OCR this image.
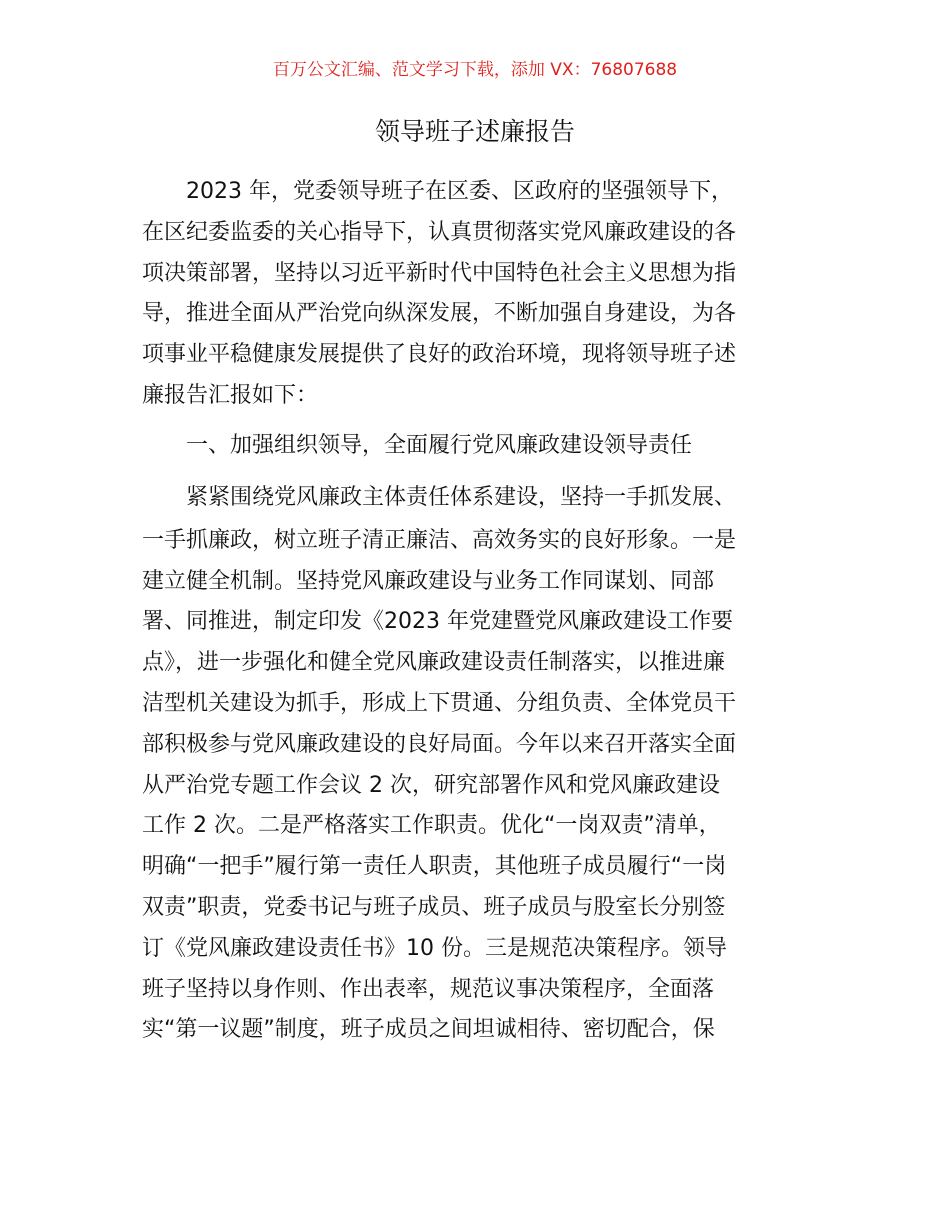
百万公文汇编、范文学习下载，添加 VX：76807688
领导班子述廉报告
　　2023 年，党委领导班子在区委、区政府的坚强领导下，
在区纪委监委的关心指导下，认真贯彻落实党风廉政建设的各
项决策部署，坚持以习近平新时代中国特色社会主义思想为指
导，推进全面从严治党向纵深发展，不断加强自身建设，为各
项事业平稳健康发展提供了良好的政治环境，现将领导班子述
廉报告汇报如下：
　　一、加强组织领导，全面履行党风廉政建设领导责任
　　紧紧围绕党风廉政主体责任体系建设，坚持一手抓发展、
一手抓廉政，树立班子清正廉洁、高效务实的良好形象。一是
建立健全机制。坚持党风廉政建设与业务工作同谋划、同部
署、同推进，制定印发《2023 年党建暨党风廉政建设工作要
点》，进一步强化和健全党风廉政建设责任制落实，以推进廉
洁型机关建设为抓手，形成上下贯通、分组负责、全体党员干
部积极参与党风廉政建设的良好局面。今年以来召开落实全面
从严治党专题工作会议 2 次，研究部署作风和党风廉政建设
工作 2 次。二是严格落实工作职责。优化“一岗双责”清单，
明确“一把手”履行第一责任人职责，其他班子成员履行“一岗
双责”职责，党委书记与班子成员、班子成员与股室长分别签
订《党风廉政建设责任书》10 份。三是规范决策程序。领导
班子坚持以身作则、作出表率，规范议事决策程序，全面落
实“第一议题”制度，班子成员之间坦诚相待、密切配合，保
